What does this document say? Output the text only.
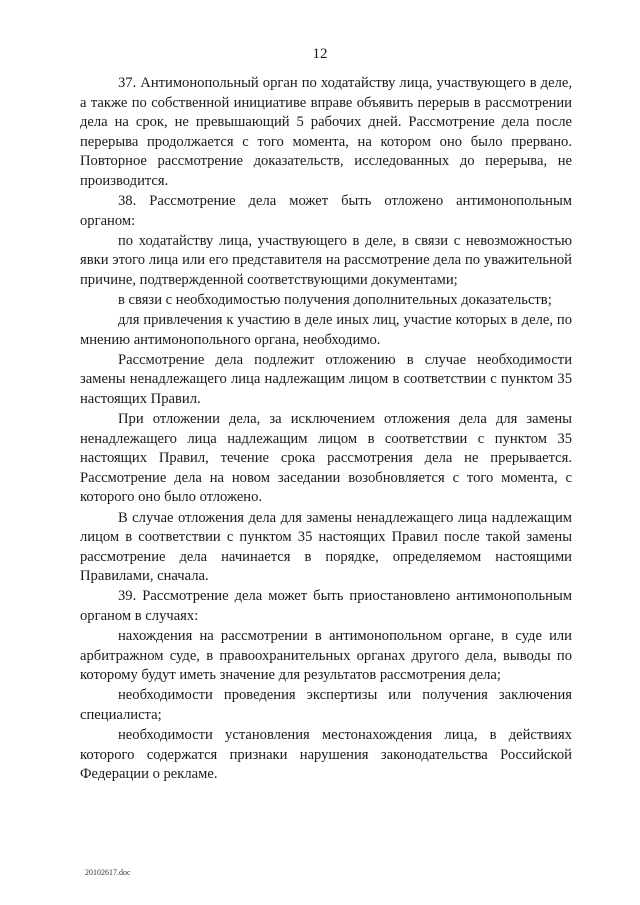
12

37. Антимонопольный орган по ходатайству лица, участвующего в деле, а также по собственной инициативе вправе объявить перерыв в рассмотрении дела на срок, не превышающий 5 рабочих дней. Рассмотрение дела после перерыва продолжается с того момента, на котором оно было прервано. Повторное рассмотрение доказательств, исследованных до перерыва, не производится.

38. Рассмотрение дела может быть отложено антимонопольным органом:

по ходатайству лица, участвующего в деле, в связи с невозможностью явки этого лица или его представителя на рассмотрение дела по уважительной причине, подтвержденной соответствующими документами;

в связи с необходимостью получения дополнительных доказательств;

для привлечения к участию в деле иных лиц, участие которых в деле, по мнению антимонопольного органа, необходимо.

Рассмотрение дела подлежит отложению в случае необходимости замены ненадлежащего лица надлежащим лицом в соответствии с пунктом 35 настоящих Правил.

При отложении дела, за исключением отложения дела для замены ненадлежащего лица надлежащим лицом в соответствии с пунктом 35 настоящих Правил, течение срока рассмотрения дела не прерывается. Рассмотрение дела на новом заседании возобновляется с того момента, с которого оно было отложено.

В случае отложения дела для замены ненадлежащего лица надлежащим лицом в соответствии с пунктом 35 настоящих Правил после такой замены рассмотрение дела начинается в порядке, определяемом настоящими Правилами, сначала.

39. Рассмотрение дела может быть приостановлено антимонопольным органом в случаях:

нахождения на рассмотрении в антимонопольном органе, в суде или арбитражном суде, в правоохранительных органах другого дела, выводы по которому будут иметь значение для результатов рассмотрения дела;

необходимости проведения экспертизы или получения заключения специалиста;

необходимости установления местонахождения лица, в действиях которого содержатся признаки нарушения законодательства Российской Федерации о рекламе.

20102617.doc
